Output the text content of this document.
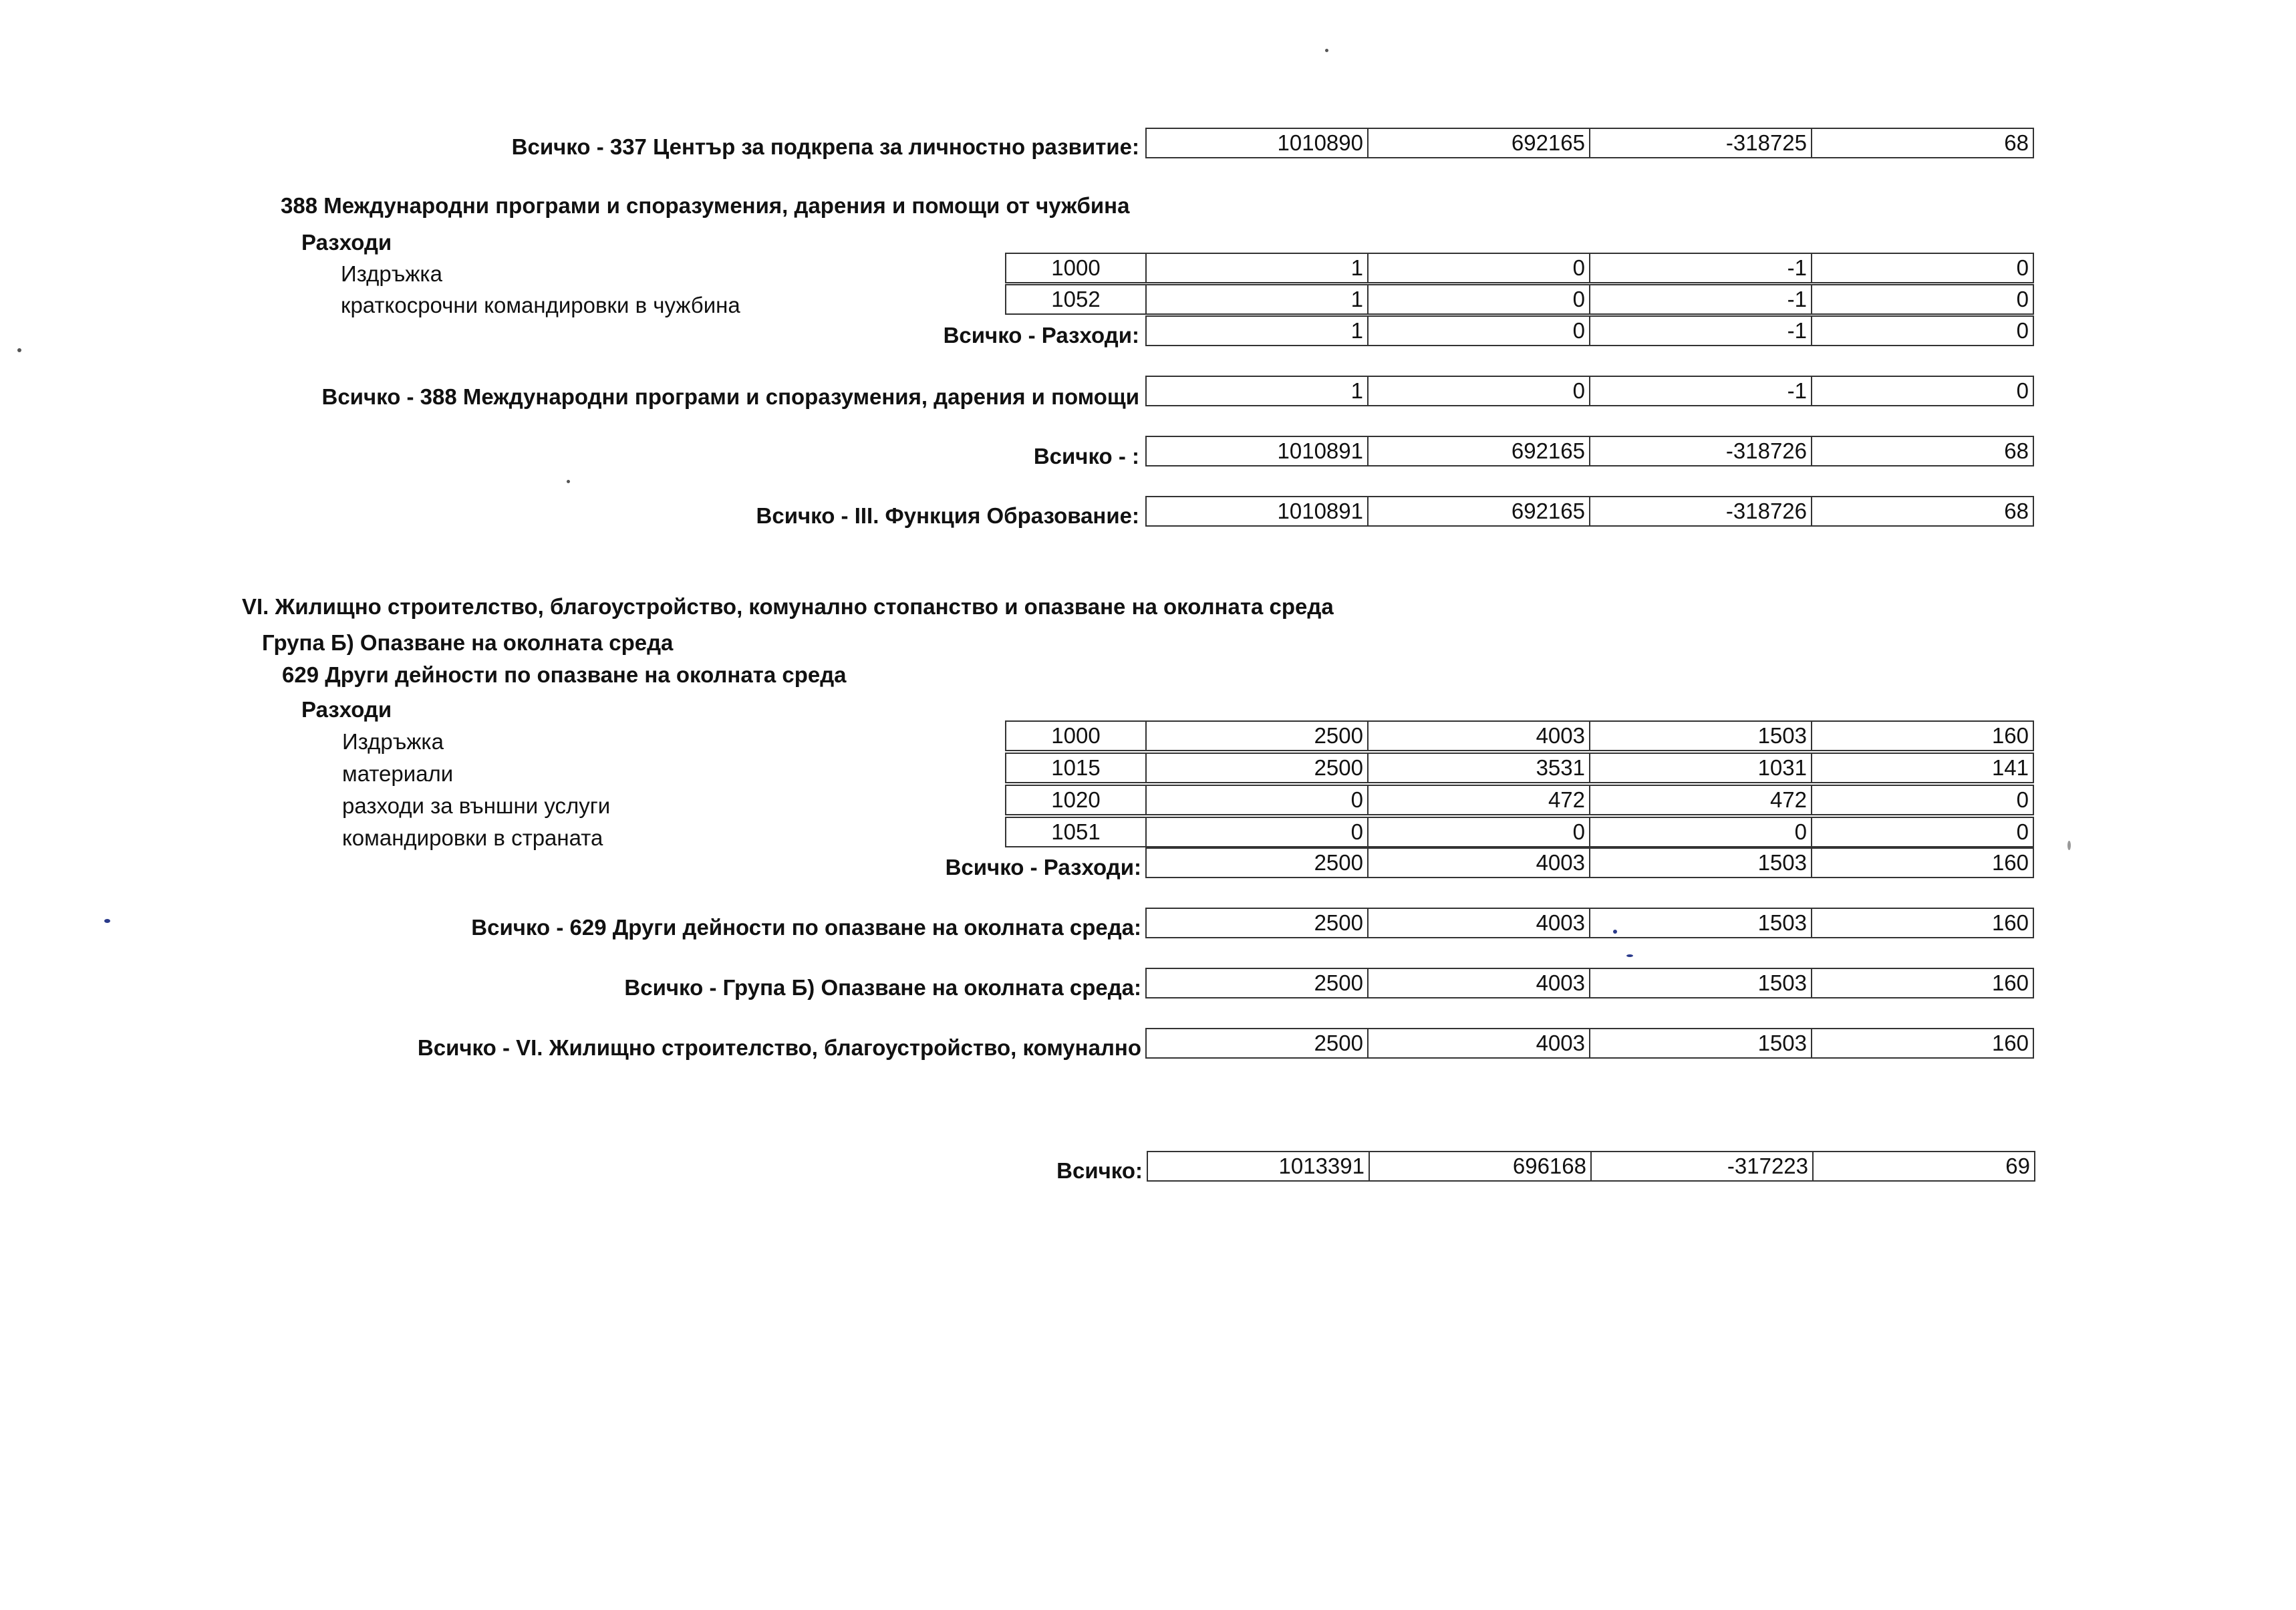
Всичко - 337 Център за подкрепа за личностно развитие:	1010890	692165	-318725	68
388 Международни програми и споразумения, дарения и помощи от чужбина
Разходи
Издръжка	1000	1	0	-1	0
краткосрочни командировки в чужбина	1052	1	0	-1	0
Всичко - Разходи:	1	0	-1	0
Всичко - 388 Международни програми и споразумения, дарения и помощи	1	0	-1	0
Всичко - :	1010891	692165	-318726	68
Всичко - III. Функция Образование:	1010891	692165	-318726	68
VI. Жилищно строителство, благоустройство, комунално стопанство и опазване на околната среда
Група Б) Опазване на околната среда
629 Други дейности по опазване на околната среда
Разходи
Издръжка	1000	2500	4003	1503	160
материали	1015	2500	3531	1031	141
разходи за външни услуги	1020	0	472	472	0
командировки в страната	1051	0	0	0	0
Всичко - Разходи:	2500	4003	1503	160
Всичко - 629 Други дейности по опазване на околната среда:	2500	4003	1503	160
Всичко - Група Б) Опазване на околната среда:	2500	4003	1503	160
Всичко - VI. Жилищно строителство, благоустройство, комунално	2500	4003	1503	160
Всичко:	1013391	696168	-317223	69
